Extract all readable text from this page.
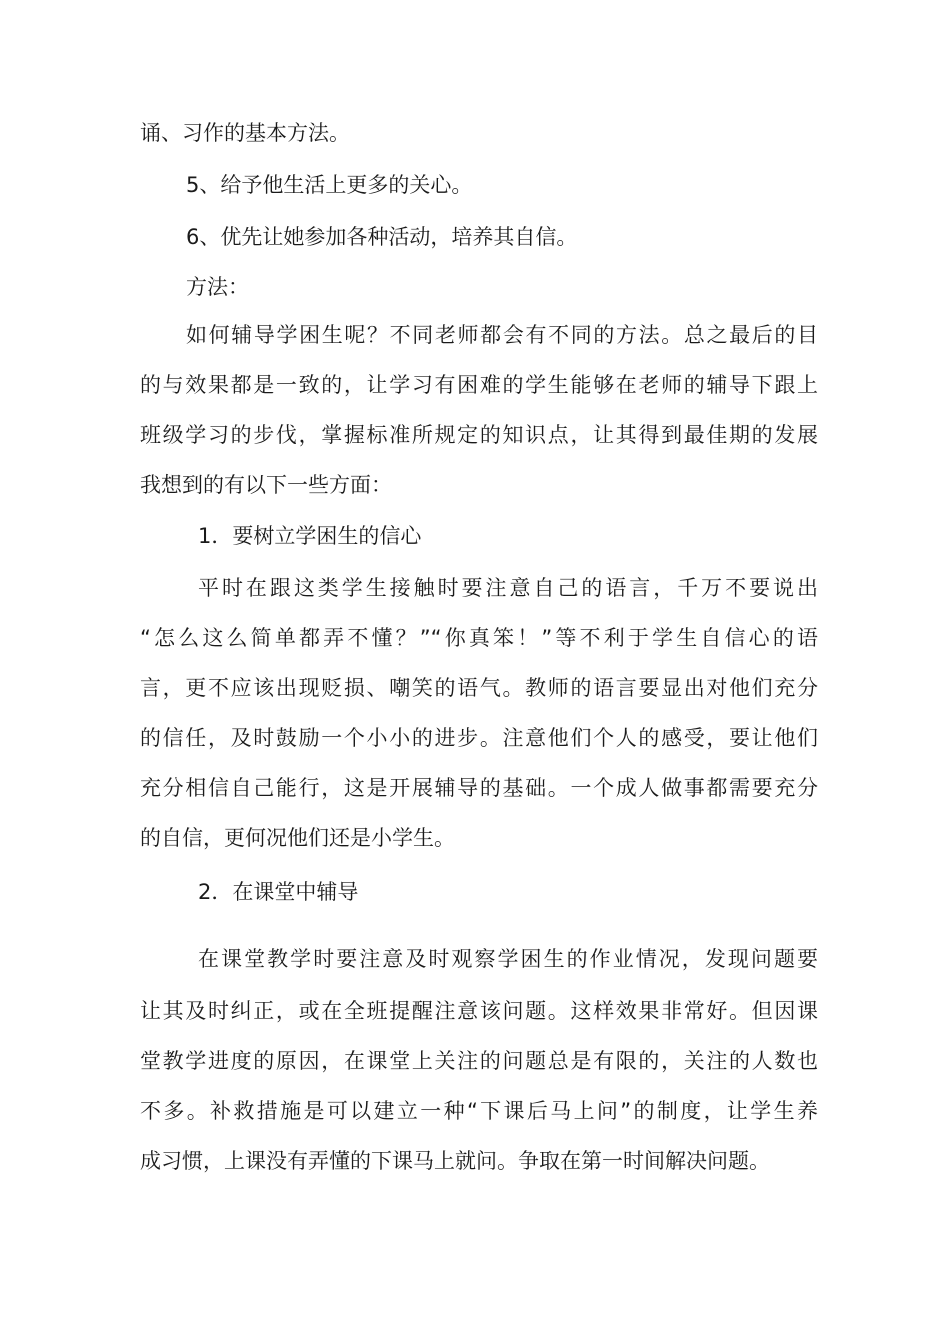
诵、习作的基本方法。
5、给予他生活上更多的关心。
6、优先让她参加各种活动，培养其自信。
方法：
如何辅导学困生呢？不同老师都会有不同的方法。总之最后的目
的与效果都是一致的，让学习有困难的学生能够在老师的辅导下跟上
班级学习的步伐，掌握标准所规定的知识点，让其得到最佳期的发展
我想到的有以下一些方面：
1．要树立学困生的信心
平时在跟这类学生接触时要注意自己的语言，千万不要说出
“怎么这么简单都弄不懂？”“你真笨！”等不利于学生自信心的语
言，更不应该出现贬损、嘲笑的语气。教师的语言要显出对他们充分
的信任，及时鼓励一个小小的进步。注意他们个人的感受，要让他们
充分相信自己能行，这是开展辅导的基础。一个成人做事都需要充分
的自信，更何况他们还是小学生。
2．在课堂中辅导
在课堂教学时要注意及时观察学困生的作业情况，发现问题要
让其及时纠正，或在全班提醒注意该问题。这样效果非常好。但因课
堂教学进度的原因，在课堂上关注的问题总是有限的，关注的人数也
不多。补救措施是可以建立一种“下课后马上问”的制度，让学生养
成习惯，上课没有弄懂的下课马上就问。争取在第一时间解决问题。
